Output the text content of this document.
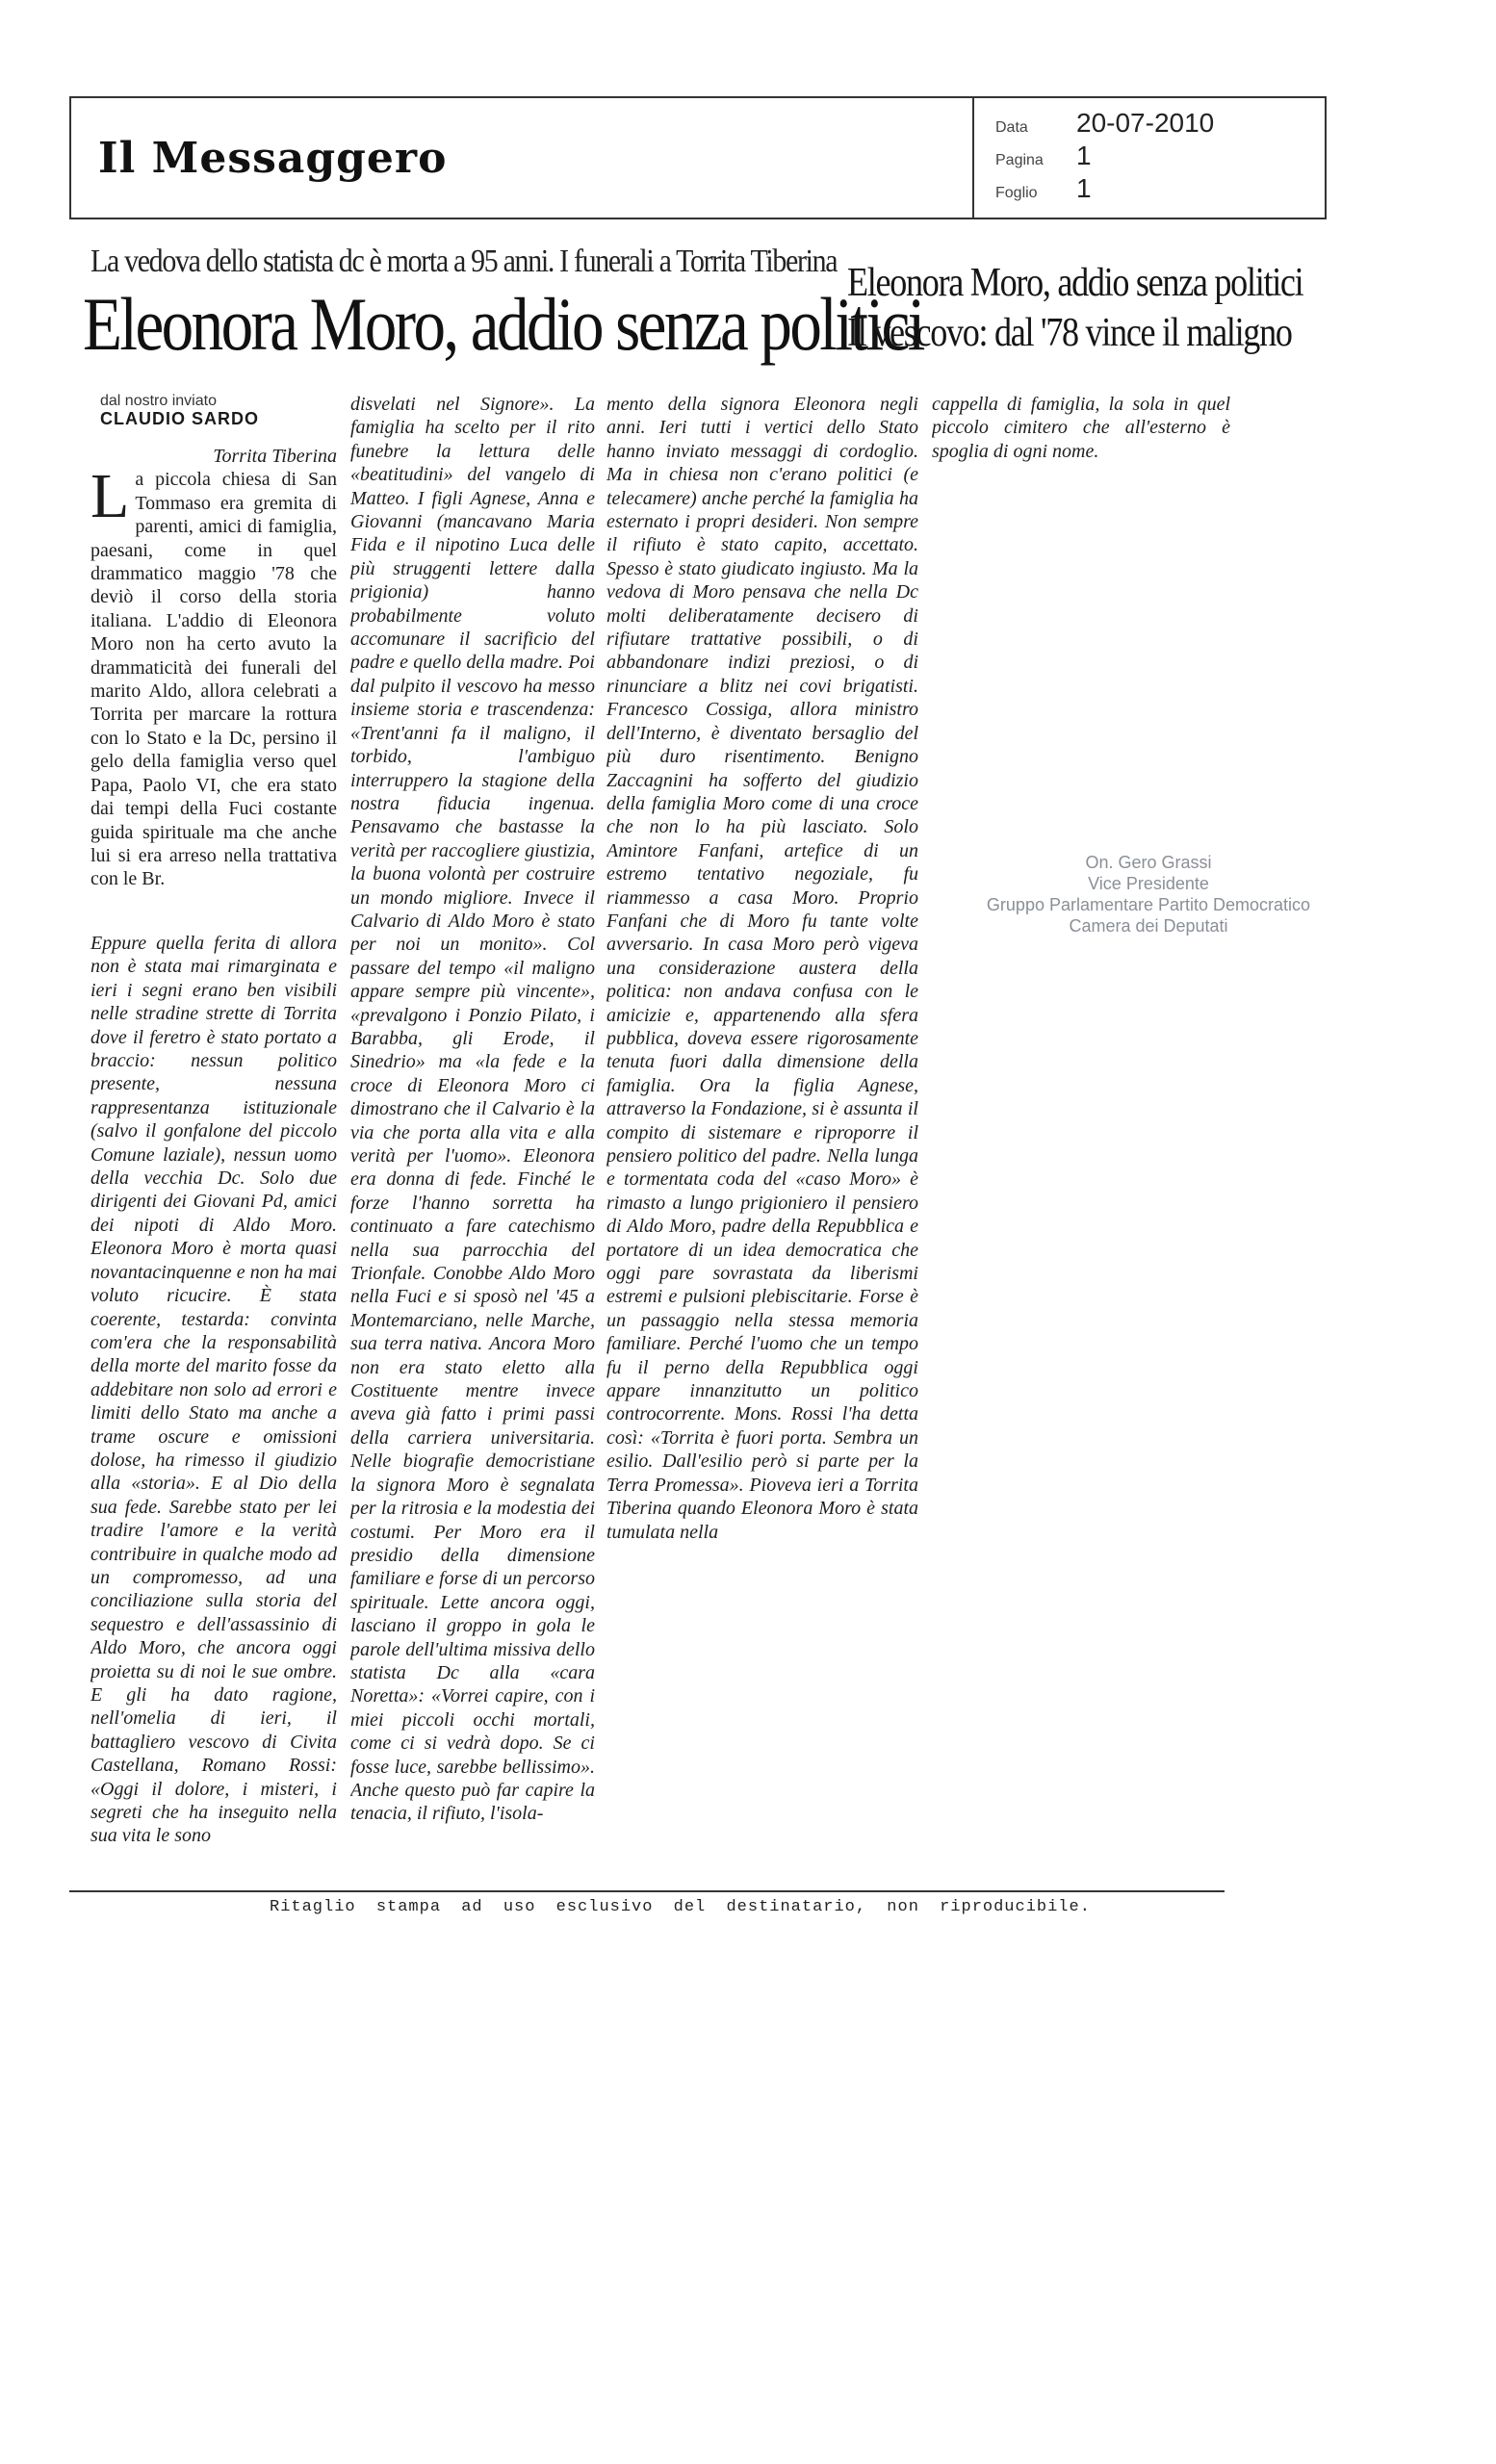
Il Messaggero
Data	20-07-2010
Pagina	1
Foglio	1
La vedova dello statista dc è morta a 95 anni. I funerali a Torrita Tiberina
Eleonora Moro, addio senza politici
Eleonora Moro, addio senza politici
Il vescovo: dal '78 vince il maligno
dal nostro inviato
CLAUDIO SARDO

Torrita Tiberina

La piccola chiesa di San Tommaso era gremita di parenti, amici di famiglia, paesani, come in quel drammatico maggio '78 che deviò il corso della storia italiana. L'addio di Eleonora Moro non ha certo avuto la drammaticità dei funerali del marito Aldo, allora celebrati a Torrita per marcare la rottura con lo Stato e la Dc, persino il gelo della famiglia verso quel Papa, Paolo VI, che era stato dai tempi della Fuci costante guida spirituale ma che anche lui si era arreso nella trattativa con le Br.

Eppure quella ferita di allora non è stata mai rimarginata e ieri i segni erano ben visibili nelle stradine strette di Torrita dove il feretro è stato portato a braccio: nessun politico presente, nessuna rappresentanza istituzionale (salvo il gonfalone del piccolo Comune laziale), nessun uomo della vecchia Dc. Solo due dirigenti dei Giovani Pd, amici dei nipoti di Aldo Moro. Eleonora Moro è morta quasi novantacinquenne e non ha mai voluto ricucire. È stata coerente, testarda: convinta com'era che la responsabilità della morte del marito fosse da addebitare non solo ad errori e limiti dello Stato ma anche a trame oscure e omissioni dolose, ha rimesso il giudizio alla «storia». E al Dio della sua fede. Sarebbe stato per lei tradire l'amore e la verità contribuire in qualche modo ad un compromesso, ad una conciliazione sulla storia del sequestro e dell'assassinio di Aldo Moro, che ancora oggi proietta su di noi le sue ombre. E gli ha dato ragione, nell'omelia di ieri, il battagliero vescovo di Civita Castellana, Romano Rossi: «Oggi il dolore, i misteri, i segreti che ha inseguito nella sua vita le sono

disvelati nel Signore». La famiglia ha scelto per il rito funebre la lettura delle «beatitudini» del vangelo di Matteo. I figli Agnese, Anna e Giovanni (mancavano Maria Fida e il nipotino Luca delle più struggenti lettere dalla prigionia) hanno probabilmente voluto accomunare il sacrificio del padre e quello della madre. Poi dal pulpito il vescovo ha messo insieme storia e trascendenza: «Trent'anni fa il maligno, il torbido, l'ambiguo interruppero la stagione della nostra fiducia ingenua. Pensavamo che bastasse la verità per raccogliere giustizia, la buona volontà per costruire un mondo migliore. Invece il Calvario di Aldo Moro è stato per noi un monito». Col passare del tempo «il maligno appare sempre più vincente», «prevalgono i Ponzio Pilato, i Barabba, gli Erode, il Sinedrio» ma «la fede e la croce di Eleonora Moro ci dimostrano che il Calvario è la via che porta alla vita e alla verità per l'uomo». Eleonora era donna di fede. Finché le forze l'hanno sorretta ha continuato a fare catechismo nella sua parrocchia del Trionfale. Conobbe Aldo Moro nella Fuci e si sposò nel '45 a Montemarciano, nelle Marche, sua terra nativa. Ancora Moro non era stato eletto alla Costituente mentre invece aveva già fatto i primi passi della carriera universitaria. Nelle biografie democristiane la signora Moro è segnalata per la ritrosia e la modestia dei costumi. Per Moro era il presidio della dimensione familiare e forse di un percorso spirituale. Lette ancora oggi, lasciano il groppo in gola le parole dell'ultima missiva dello statista Dc alla «cara Noretta»: «Vorrei capire, con i miei piccoli occhi mortali, come ci si vedrà dopo. Se ci fosse luce, sarebbe bellissimo». Anche questo può far capire la tenacia, il rifiuto, l'isola-

mento della signora Eleonora negli anni. Ieri tutti i vertici dello Stato hanno inviato messaggi di cordoglio. Ma in chiesa non c'erano politici (e telecamere) anche perché la famiglia ha esternato i propri desideri. Non sempre il rifiuto è stato capito, accettato. Spesso è stato giudicato ingiusto. Ma la vedova di Moro pensava che nella Dc molti deliberatamente decisero di rifiutare trattative possibili, o di abbandonare indizi preziosi, o di rinunciare a blitz nei covi brigatisti. Francesco Cossiga, allora ministro dell'Interno, è diventato bersaglio del più duro risentimento. Benigno Zaccagnini ha sofferto del giudizio della famiglia Moro come di una croce che non lo ha più lasciato. Solo Amintore Fanfani, artefice di un estremo tentativo negoziale, fu riammesso a casa Moro. Proprio Fanfani che di Moro fu tante volte avversario. In casa Moro però vigeva una considerazione austera della politica: non andava confusa con le amicizie e, appartenendo alla sfera pubblica, doveva essere rigorosamente tenuta fuori dalla dimensione della famiglia. Ora la figlia Agnese, attraverso la Fondazione, si è assunta il compito di sistemare e riproporre il pensiero politico del padre. Nella lunga e tormentata coda del «caso Moro» è rimasto a lungo prigioniero il pensiero di Aldo Moro, padre della Repubblica e portatore di un idea democratica che oggi pare sovrastata da liberismi estremi e pulsioni plebiscitarie. Forse è un passaggio nella stessa memoria familiare. Perché l'uomo che un tempo fu il perno della Repubblica oggi appare innanzitutto un politico controcorrente. Mons. Rossi l'ha detta così: «Torrita è fuori porta. Sembra un esilio. Dall'esilio però si parte per la Terra Promessa». Pioveva ieri a Torrita Tiberina quando Eleonora Moro è stata tumulata nella

cappella di famiglia, la sola in quel piccolo cimitero che all'esterno è spoglia di ogni nome.

On. Gero Grassi
Vice Presidente
Gruppo Parlamentare Partito Democratico
Camera dei Deputati
Ritaglio stampa ad uso esclusivo del destinatario, non riproducibile.
